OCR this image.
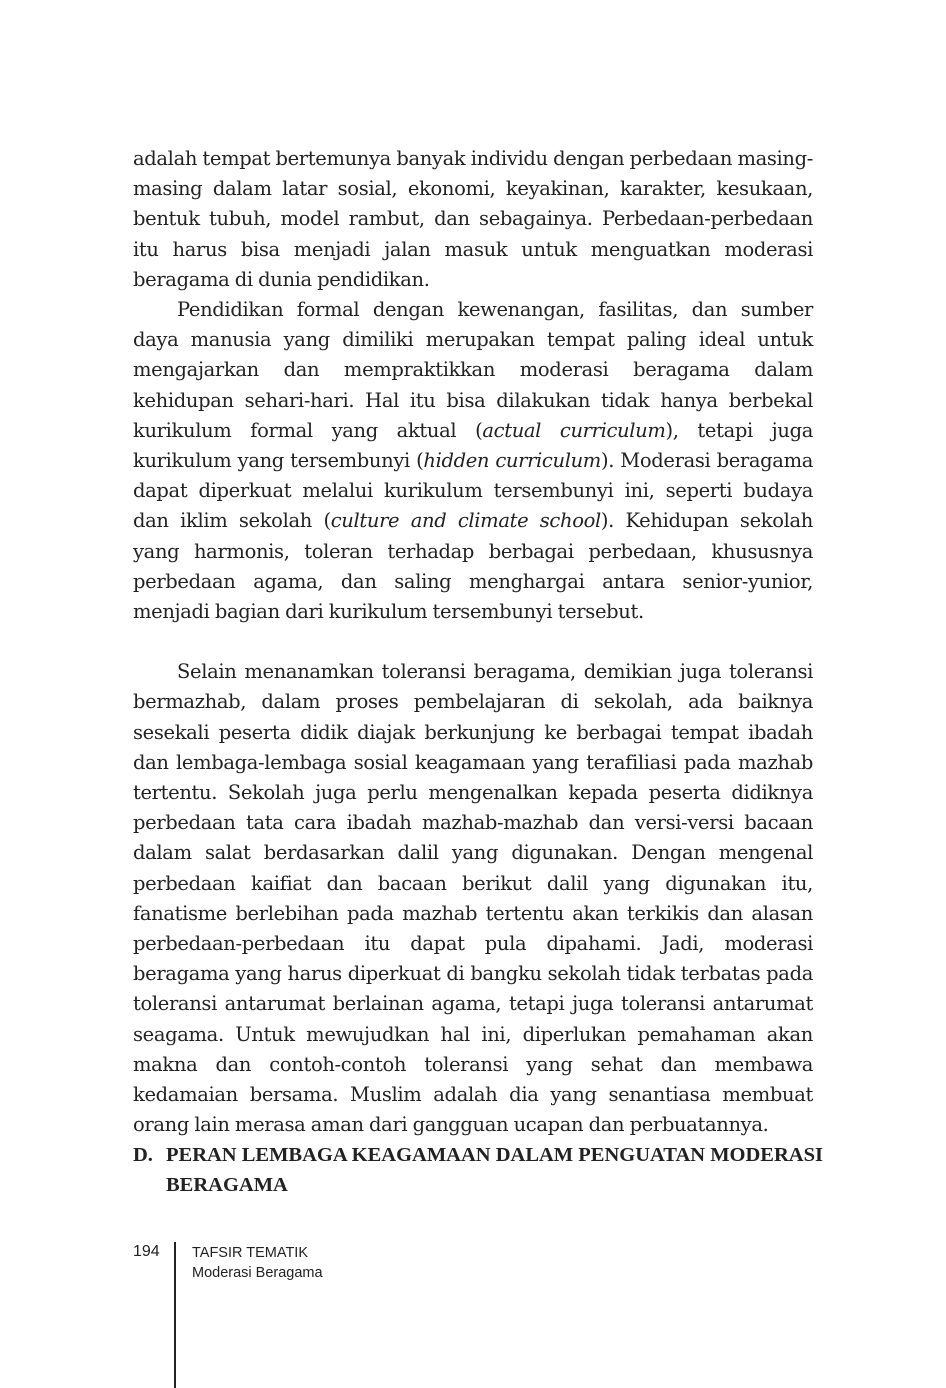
adalah tempat bertemunya banyak individu dengan perbedaan masing-masing dalam latar sosial, ekonomi, keyakinan, karakter, kesukaan, bentuk tubuh, model rambut, dan sebagainya. Perbedaan-perbedaan itu harus bisa menjadi jalan masuk untuk menguatkan moderasi beragama di dunia pendidikan.

Pendidikan formal dengan kewenangan, fasilitas, dan sumber daya manusia yang dimiliki merupakan tempat paling ideal untuk mengajarkan dan mempraktikkan moderasi beragama dalam kehidupan sehari-hari. Hal itu bisa dilakukan tidak hanya berbekal kurikulum formal yang aktual (actual curriculum), tetapi juga kurikulum yang tersembunyi (hidden curriculum). Moderasi beragama dapat diperkuat melalui kurikulum tersembunyi ini, seperti budaya dan iklim sekolah (culture and climate school). Kehidupan sekolah yang harmonis, toleran terhadap berbagai perbedaan, khususnya perbedaan agama, dan saling menghargai antara senior-yunior, menjadi bagian dari kurikulum tersembunyi tersebut.

Selain menanamkan toleransi beragama, demikian juga toleransi bermazhab, dalam proses pembelajaran di sekolah, ada baiknya sesekali peserta didik diajak berkunjung ke berbagai tempat ibadah dan lembaga-lembaga sosial keagamaan yang terafiliasi pada mazhab tertentu. Sekolah juga perlu mengenalkan kepada peserta didiknya perbedaan tata cara ibadah mazhab-mazhab dan versi-versi bacaan dalam salat berdasarkan dalil yang digunakan. Dengan mengenal perbedaan kaifiat dan bacaan berikut dalil yang digunakan itu, fanatisme berlebihan pada mazhab tertentu akan terkikis dan alasan perbedaan-perbedaan itu dapat pula dipahami. Jadi, moderasi beragama yang harus diperkuat di bangku sekolah tidak terbatas pada toleransi antarumat berlainan agama, tetapi juga toleransi antarumat seagama. Untuk mewujudkan hal ini, diperlukan pemahaman akan makna dan contoh-contoh toleransi yang sehat dan membawa kedamaian bersama. Muslim adalah dia yang senantiasa membuat orang lain merasa aman dari gangguan ucapan dan perbuatannya.

D. PERAN LEMBAGA KEAGAMAAN DALAM PENGUATAN MODERASI BERAGAMA
194 TAFSIR TEMATIK
Moderasi Beragama
